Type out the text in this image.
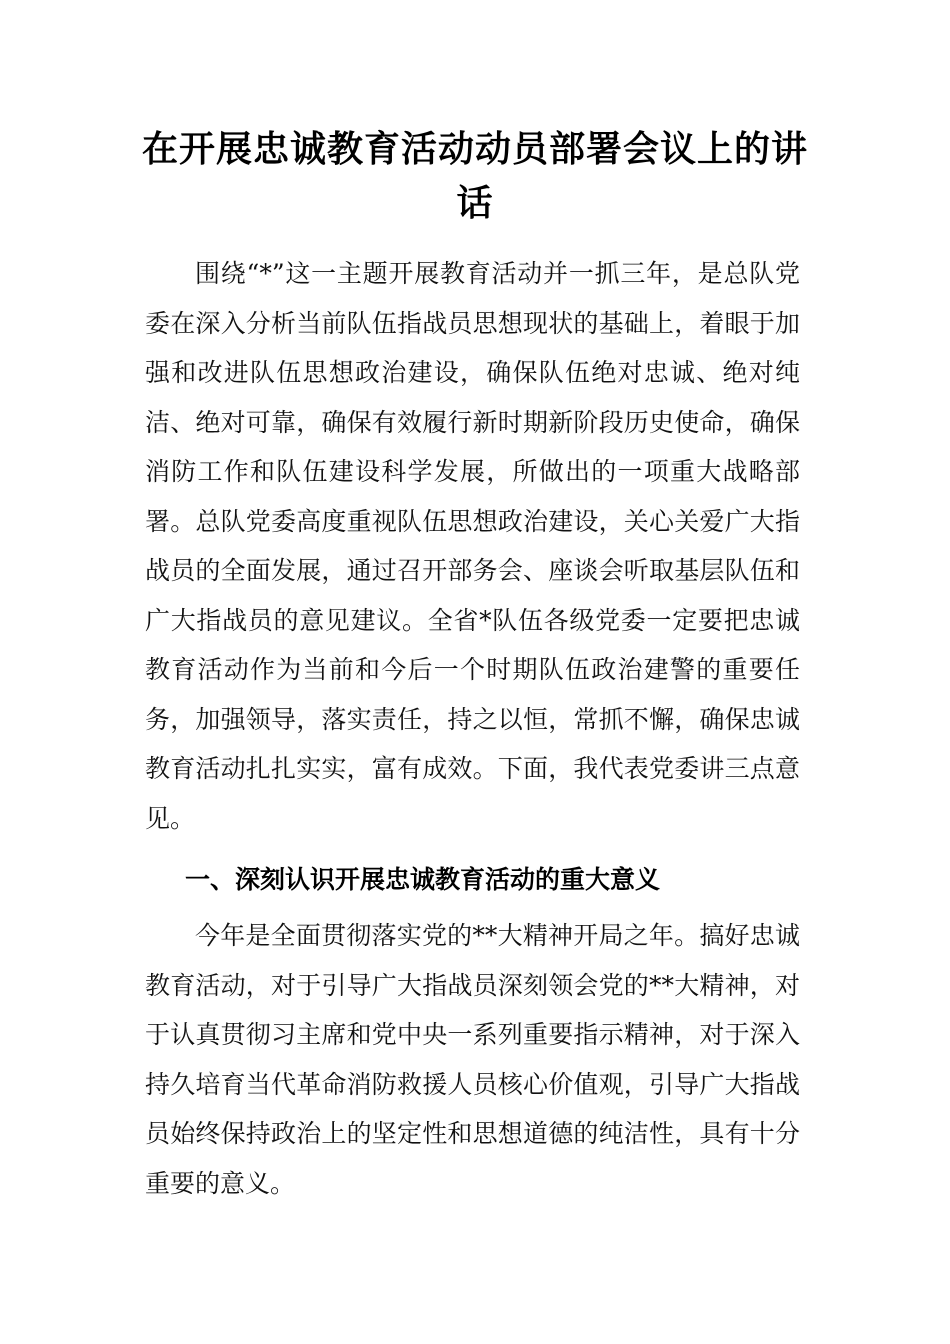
在开展忠诚教育活动动员部署会议上的讲话

围绕“*”这一主题开展教育活动并一抓三年，是总队党委在深入分析当前队伍指战员思想现状的基础上，着眼于加强和改进队伍思想政治建设，确保队伍绝对忠诚、绝对纯洁、绝对可靠，确保有效履行新时期新阶段历史使命，确保消防工作和队伍建设科学发展，所做出的一项重大战略部署。总队党委高度重视队伍思想政治建设，关心关爱广大指战员的全面发展，通过召开部务会、座谈会听取基层队伍和广大指战员的意见建议。全省*队伍各级党委一定要把忠诚教育活动作为当前和今后一个时期队伍政治建警的重要任务，加强领导，落实责任，持之以恒，常抓不懈，确保忠诚教育活动扎扎实实，富有成效。下面，我代表党委讲三点意见。

一、深刻认识开展忠诚教育活动的重大意义

今年是全面贯彻落实党的**大精神开局之年。搞好忠诚教育活动，对于引导广大指战员深刻领会党的**大精神，对于认真贯彻习主席和党中央一系列重要指示精神，对于深入持久培育当代革命消防救援人员核心价值观，引导广大指战员始终保持政治上的坚定性和思想道德的纯洁性，具有十分重要的意义。
